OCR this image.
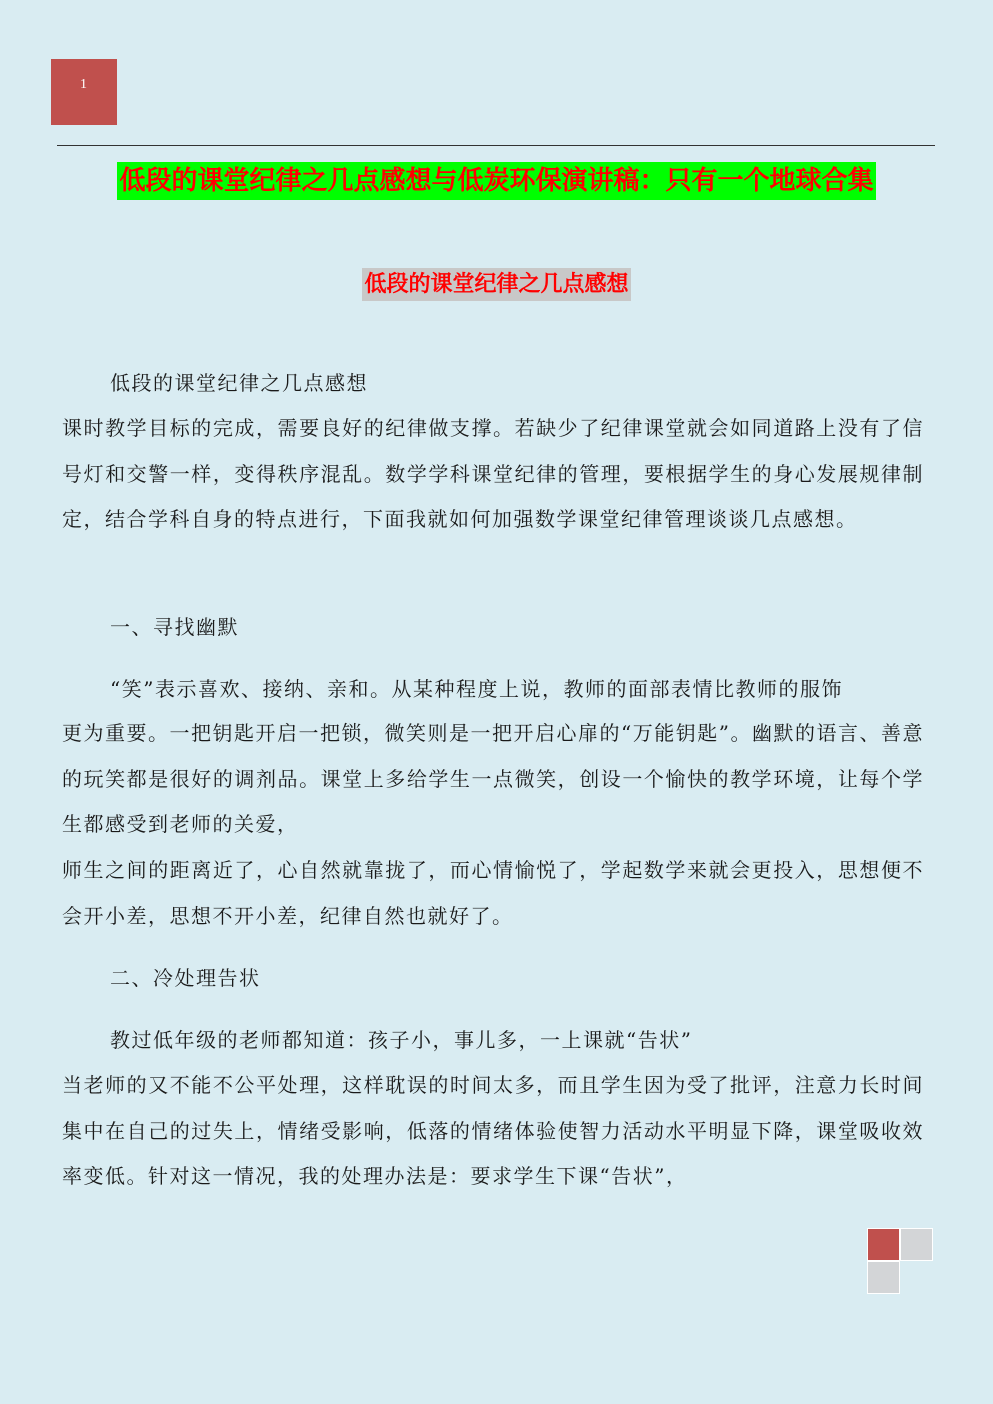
1
低段的课堂纪律之几点感想与低炭环保演讲稿：只有一个地球合集
低段的课堂纪律之几点感想

低段的课堂纪律之几点感想

课时教学目标的完成，需要良好的纪律做支撑。若缺少了纪律课堂就会如同道路上没有了信号灯和交警一样，变得秩序混乱。数学学科课堂纪律的管理，要根据学生的身心发展规律制定，结合学科自身的特点进行，下面我就如何加强数学课堂纪律管理谈谈几点感想。

一、寻找幽默

“笑”表示喜欢、接纳、亲和。从某种程度上说，教师的面部表情比教师的服饰

更为重要。一把钥匙开启一把锁，微笑则是一把开启心扉的“万能钥匙”。幽默的语言、善意的玩笑都是很好的调剂品。课堂上多给学生一点微笑，创设一个愉快的教学环境，让每个学生都感受到老师的关爱，

师生之间的距离近了，心自然就靠拢了，而心情愉悦了，学起数学来就会更投入，思想便不会开小差，思想不开小差，纪律自然也就好了。

二、冷处理告状

教过低年级的老师都知道：孩子小，事儿多，一上课就“告状”

当老师的又不能不公平处理，这样耽误的时间太多，而且学生因为受了批评，注意力长时间集中在自己的过失上，情绪受影响，低落的情绪体验使智力活动水平明显下降，课堂吸收效率变低。针对这一情况，我的处理办法是：要求学生下课“告状”，
